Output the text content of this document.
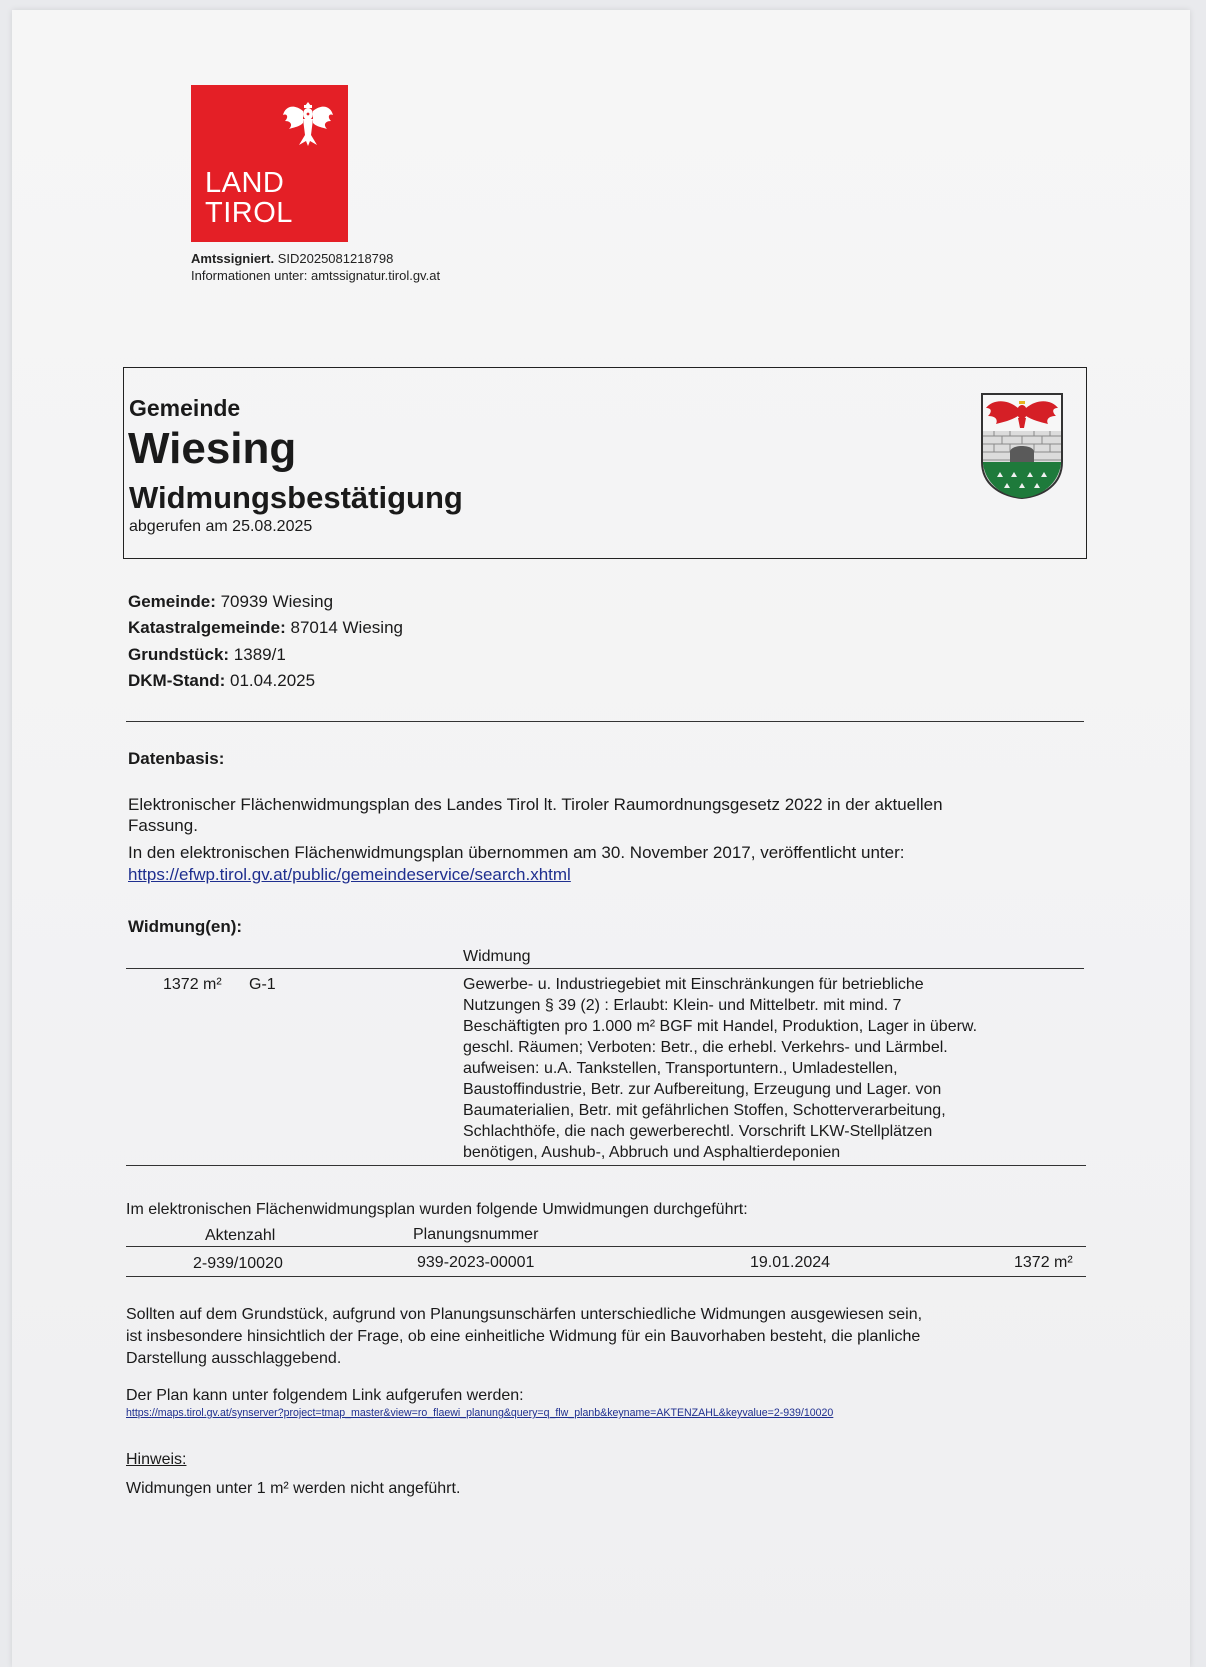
LAND
TIROL
Amtssigniert. SID2025081218798
Informationen unter: amtssignatur.tirol.gv.at
Gemeinde
Wiesing
Widmungsbestätigung
abgerufen am 25.08.2025
Gemeinde: 70939 Wiesing
Katastralgemeinde: 87014 Wiesing
Grundstück: 1389/1
DKM-Stand: 01.04.2025
Datenbasis:
Elektronischer Flächenwidmungsplan des Landes Tirol lt. Tiroler Raumordnungsgesetz 2022 in der aktuellen
Fassung.
In den elektronischen Flächenwidmungsplan übernommen am 30. November 2017, veröffentlicht unter:
https://efwp.tirol.gv.at/public/gemeindeservice/search.xhtml
Widmung(en):
Widmung
1372 m² G-1	Gewerbe- u. Industriegebiet mit Einschränkungen für betriebliche
Nutzungen § 39 (2) : Erlaubt: Klein- und Mittelbetr. mit mind. 7
Beschäftigten pro 1.000 m² BGF mit Handel, Produktion, Lager in überw.
geschl. Räumen; Verboten: Betr., die erhebl. Verkehrs- und Lärmbel.
aufweisen: u.A. Tankstellen, Transportuntern., Umladestellen,
Baustoffindustrie, Betr. zur Aufbereitung, Erzeugung und Lager. von
Baumaterialien, Betr. mit gefährlichen Stoffen, Schotterverarbeitung,
Schlachthöfe, die nach gewerberechtl. Vorschrift LKW-Stellplätzen
benötigen, Aushub-, Abbruch und Asphaltierdeponien
Im elektronischen Flächenwidmungsplan wurden folgende Umwidmungen durchgeführt:
Aktenzahl	Planungsnummer
2-939/10020	939-2023-00001	19.01.2024	1372 m²
Sollten auf dem Grundstück, aufgrund von Planungsunschärfen unterschiedliche Widmungen ausgewiesen sein,
ist insbesondere hinsichtlich der Frage, ob eine einheitliche Widmung für ein Bauvorhaben besteht, die planliche
Darstellung ausschlaggebend.
Der Plan kann unter folgendem Link aufgerufen werden:
https://maps.tirol.gv.at/synserver?project=tmap_master&view=ro_flaewi_planung&query=q_flw_planb&keyname=AKTENZAHL&keyvalue=2-939/10020
Hinweis:
Widmungen unter 1 m² werden nicht angeführt.
